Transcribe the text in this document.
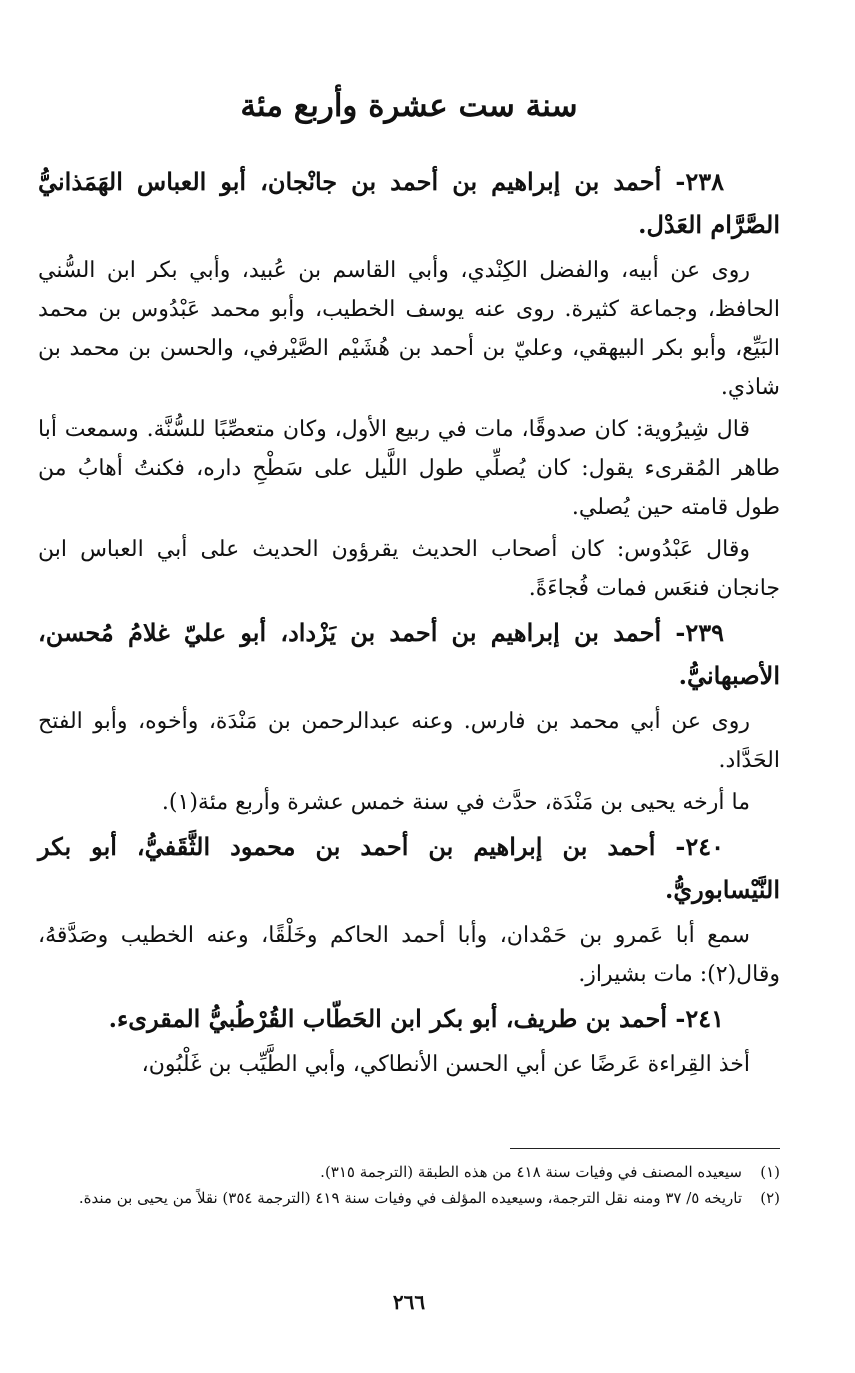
سنة ست عشرة وأربع مئة

٢٣٨- أحمد بن إبراهيم بن أحمد بن جانْجان، أبو العباس الهَمَذانيُّ الصَّرَّام العَدْل.

روى عن أبيه، والفضل الكِنْدي، وأبي القاسم بن عُبيد، وأبي بكر ابن السُّني الحافظ، وجماعة كثيرة. روى عنه يوسف الخطيب، وأبو محمد عَبْدُوس بن محمد البَيِّع، وأبو بكر البيهقي، وعليّ بن أحمد بن هُشَيْم الصَّيْرفي، والحسن بن محمد بن شاذي.

قال شِيرُوية: كان صدوقًا، مات في ربيع الأول، وكان متعصِّبًا للسُّنَّة. وسمعت أبا طاهر المُقرىء يقول: كان يُصلِّي طول اللَّيل على سَطْحِ داره، فكنتُ أهابُ من طول قامته حين يُصلي.

وقال عَبْدُوس: كان أصحاب الحديث يقرؤون الحديث على أبي العباس ابن جانجان فنعَس فمات فُجاءَةً.

٢٣٩- أحمد بن إبراهيم بن أحمد بن يَزْداد، أبو عليّ غلامُ مُحسن، الأصبهانيُّ.

روى عن أبي محمد بن فارس. وعنه عبدالرحمن بن مَنْدَة، وأخوه، وأبو الفتح الحَدَّاد.

ما أرخه يحيى بن مَنْدَة، حدَّث في سنة خمس عشرة وأربع مئة(١).

٢٤٠- أحمد بن إبراهيم بن أحمد بن محمود الثَّقَفيُّ، أبو بكر النَّيْسابوريُّ.

سمع أبا عَمرو بن حَمْدان، وأبا أحمد الحاكم وخَلْقًا، وعنه الخطيب وصَدَّقهُ، وقال(٢): مات بشيراز.

٢٤١- أحمد بن طريف، أبو بكر ابن الحَطّاب القُرْطُبيُّ المقرىء.

أخذ القِراءة عَرضًا عن أبي الحسن الأنطاكي، وأبي الطَّيِّب بن غَلْبُون،

(١)
سيعيده المصنف في وفيات سنة ٤١٨ من هذه الطبقة (الترجمة ٣١٥).
(٢)
تاريخه ٥/ ٣٧ ومنه نقل الترجمة، وسيعيده المؤلف في وفيات سنة ٤١٩ (الترجمة ٣٥٤) نقلاً من يحيى بن مندة.
٢٦٦
